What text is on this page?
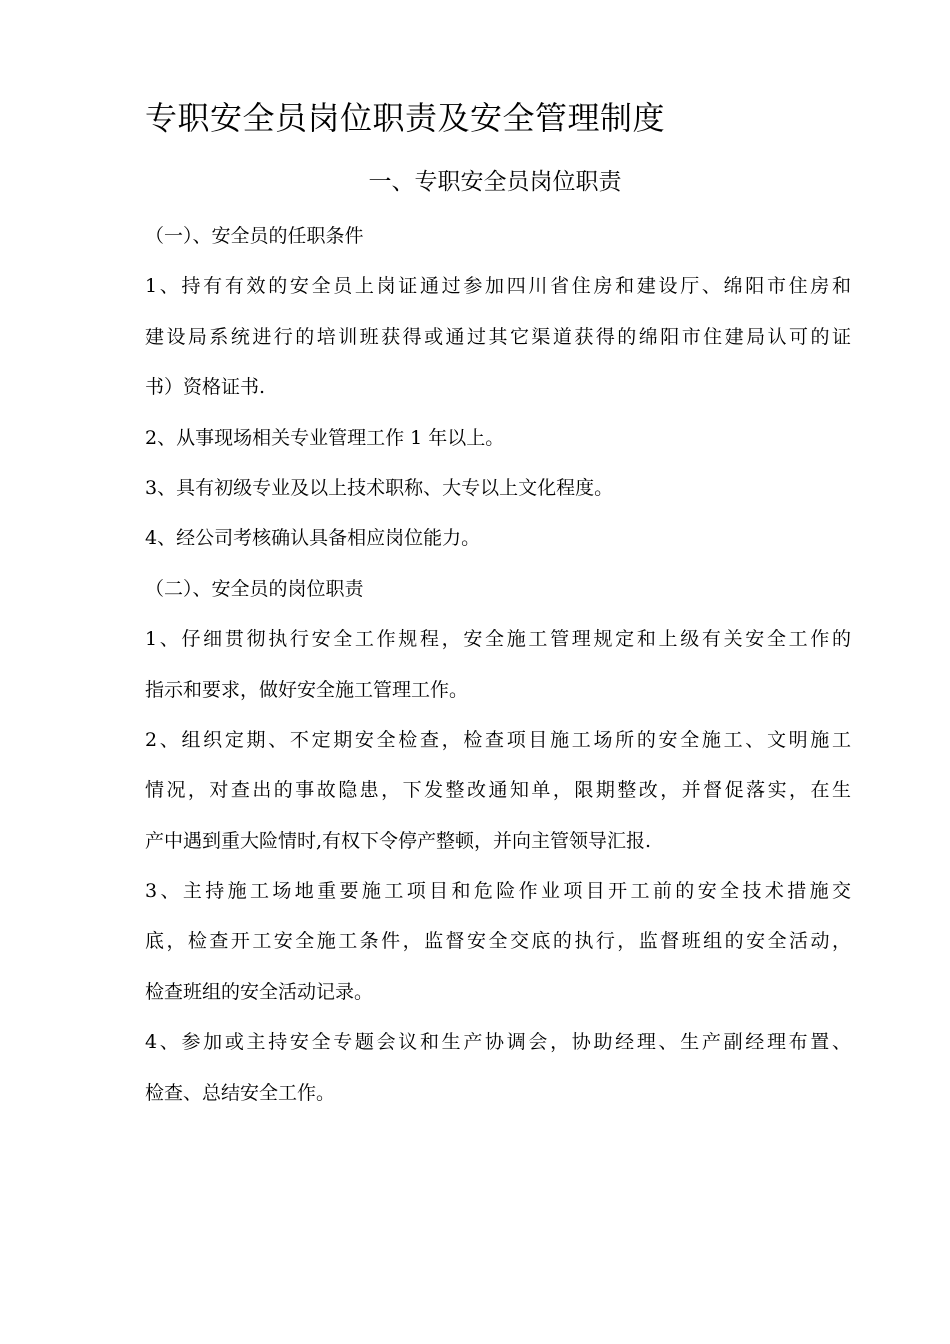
专职安全员岗位职责及安全管理制度
一、专职安全员岗位职责
（一）、安全员的任职条件
1、持有有效的安全员上岗证通过参加四川省住房和建设厅、绵阳市住房和
建设局系统进行的培训班获得或通过其它渠道获得的绵阳市住建局认可的证
书）资格证书.
2、从事现场相关专业管理工作 1 年以上。
3、具有初级专业及以上技术职称、大专以上文化程度。
4、经公司考核确认具备相应岗位能力。
（二）、安全员的岗位职责
1、仔细贯彻执行安全工作规程，安全施工管理规定和上级有关安全工作的
指示和要求，做好安全施工管理工作。
2、组织定期、不定期安全检查，检查项目施工场所的安全施工、文明施工
情况，对查出的事故隐患，下发整改通知单，限期整改，并督促落实，在生
产中遇到重大险情时,有权下令停产整顿，并向主管领导汇报.
3、主持施工场地重要施工项目和危险作业项目开工前的安全技术措施交
底，检查开工安全施工条件，监督安全交底的执行，监督班组的安全活动，
检查班组的安全活动记录。
4、参加或主持安全专题会议和生产协调会，协助经理、生产副经理布置、
检查、总结安全工作。
